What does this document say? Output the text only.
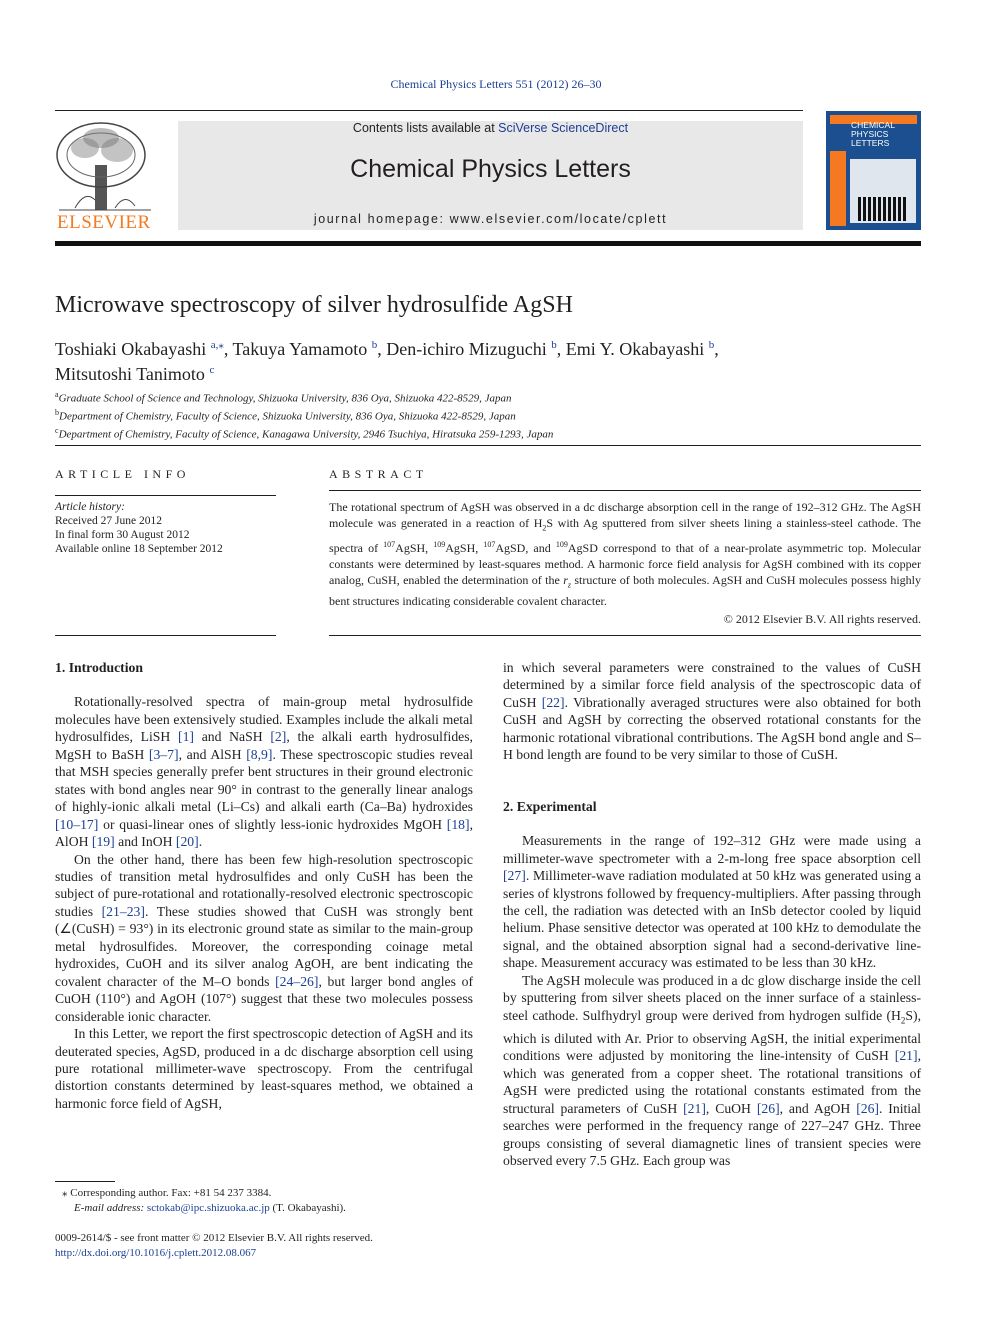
Chemical Physics Letters 551 (2012) 26–30
ELSEVIER
Contents lists available at SciVerse ScienceDirect
Chemical Physics Letters
journal homepage: www.elsevier.com/locate/cplett
CHEMICAL PHYSICS LETTERS
Microwave spectroscopy of silver hydrosulfide AgSH
Toshiaki Okabayashi $^{a,⁎}$, Takuya Yamamoto $^b$, Den-ichiro Mizuguchi $^b$, Emi Y. Okabayashi $^b$,
Mitsutoshi Tanimoto $^c$
$^a$Graduate School of Science and Technology, Shizuoka University, 836 Oya, Shizuoka 422-8529, Japan
$^b$Department of Chemistry, Faculty of Science, Shizuoka University, 836 Oya, Shizuoka 422-8529, Japan
$^c$Department of Chemistry, Faculty of Science, Kanagawa University, 2946 Tsuchiya, Hiratsuka 259-1293, Japan
ARTICLE INFO
Article history:
Received 27 June 2012
In final form 30 August 2012
Available online 18 September 2012
ABSTRACT
The rotational spectrum of AgSH was observed in a dc discharge absorption cell in the range of 192–312 GHz. The AgSH molecule was generated in a reaction of $H_2S$ with Ag sputtered from silver sheets lining a stainless-steel cathode. The spectra of $^{107}$AgSH, $^{109}$AgSH, $^{107}$AgSD, and $^{109}$AgSD correspond to that of a near-prolate asymmetric top. Molecular constants were determined by least-squares method. A harmonic force field analysis for AgSH combined with its copper analog, CuSH, enabled the determination of the $r_z$ structure of both molecules. AgSH and CuSH molecules possess highly bent structures indicating considerable covalent character.
© 2012 Elsevier B.V. All rights reserved.
1. Introduction

Rotationally-resolved spectra of main-group metal hydrosulfide molecules have been extensively studied. Examples include the alkali metal hydrosulfides, LiSH [1] and NaSH [2], the alkali earth hydrosulfides, MgSH to BaSH [3–7], and AlSH [8,9]. These spectroscopic studies reveal that MSH species generally prefer bent structures in their ground electronic states with bond angles near 90° in contrast to the generally linear analogs of highly-ionic alkali metal (Li–Cs) and alkali earth (Ca–Ba) hydroxides [10–17] or quasi-linear ones of slightly less-ionic hydroxides MgOH [18], AlOH [19] and InOH [20].

On the other hand, there has been few high-resolution spectroscopic studies of transition metal hydrosulfides and only CuSH has been the subject of pure-rotational and rotationally-resolved electronic spectroscopic studies [21–23]. These studies showed that CuSH was strongly bent (∠(CuSH) = 93°) in its electronic ground state as similar to the main-group metal hydrosulfides. Moreover, the corresponding coinage metal hydroxides, CuOH and its silver analog AgOH, are bent indicating the covalent character of the M–O bonds [24–26], but larger bond angles of CuOH (110°) and AgOH (107°) suggest that these two molecules possess considerable ionic character.

In this Letter, we report the first spectroscopic detection of AgSH and its deuterated species, AgSD, produced in a dc discharge absorption cell using pure rotational millimeter-wave spectroscopy. From the centrifugal distortion constants determined by least-squares method, we obtained a harmonic force field of AgSH,

in which several parameters were constrained to the values of CuSH determined by a similar force field analysis of the spectroscopic data of CuSH [22]. Vibrationally averaged structures were also obtained for both CuSH and AgSH by correcting the observed rotational constants for the harmonic rotational vibrational contributions. The AgSH bond angle and S–H bond length are found to be very similar to those of CuSH.

2. Experimental

Measurements in the range of 192–312 GHz were made using a millimeter-wave spectrometer with a 2-m-long free space absorption cell [27]. Millimeter-wave radiation modulated at 50 kHz was generated using a series of klystrons followed by frequency-multipliers. After passing through the cell, the radiation was detected with an InSb detector cooled by liquid helium. Phase sensitive detector was operated at 100 kHz to demodulate the signal, and the obtained absorption signal had a second-derivative line-shape. Measurement accuracy was estimated to be less than 30 kHz.

The AgSH molecule was produced in a dc glow discharge inside the cell by sputtering from silver sheets placed on the inner surface of a stainless-steel cathode. Sulfhydryl group were derived from hydrogen sulfide $(H_2S)$, which is diluted with Ar. Prior to observing AgSH, the initial experimental conditions were adjusted by monitoring the line-intensity of CuSH [21], which was generated from a copper sheet. The rotational transitions of AgSH were predicted using the rotational constants estimated from the structural parameters of CuSH [21], CuOH [26], and AgOH [26]. Initial searches were performed in the frequency range of 227–247 GHz. Three groups consisting of several diamagnetic lines of transient species were observed every 7.5 GHz. Each group was

⁎ Corresponding author. Fax: +81 54 237 3384.
E-mail address: sctokab@ipc.shizuoka.ac.jp (T. Okabayashi).
0009-2614/$ - see front matter © 2012 Elsevier B.V. All rights reserved.
http://dx.doi.org/10.1016/j.cplett.2012.08.067
